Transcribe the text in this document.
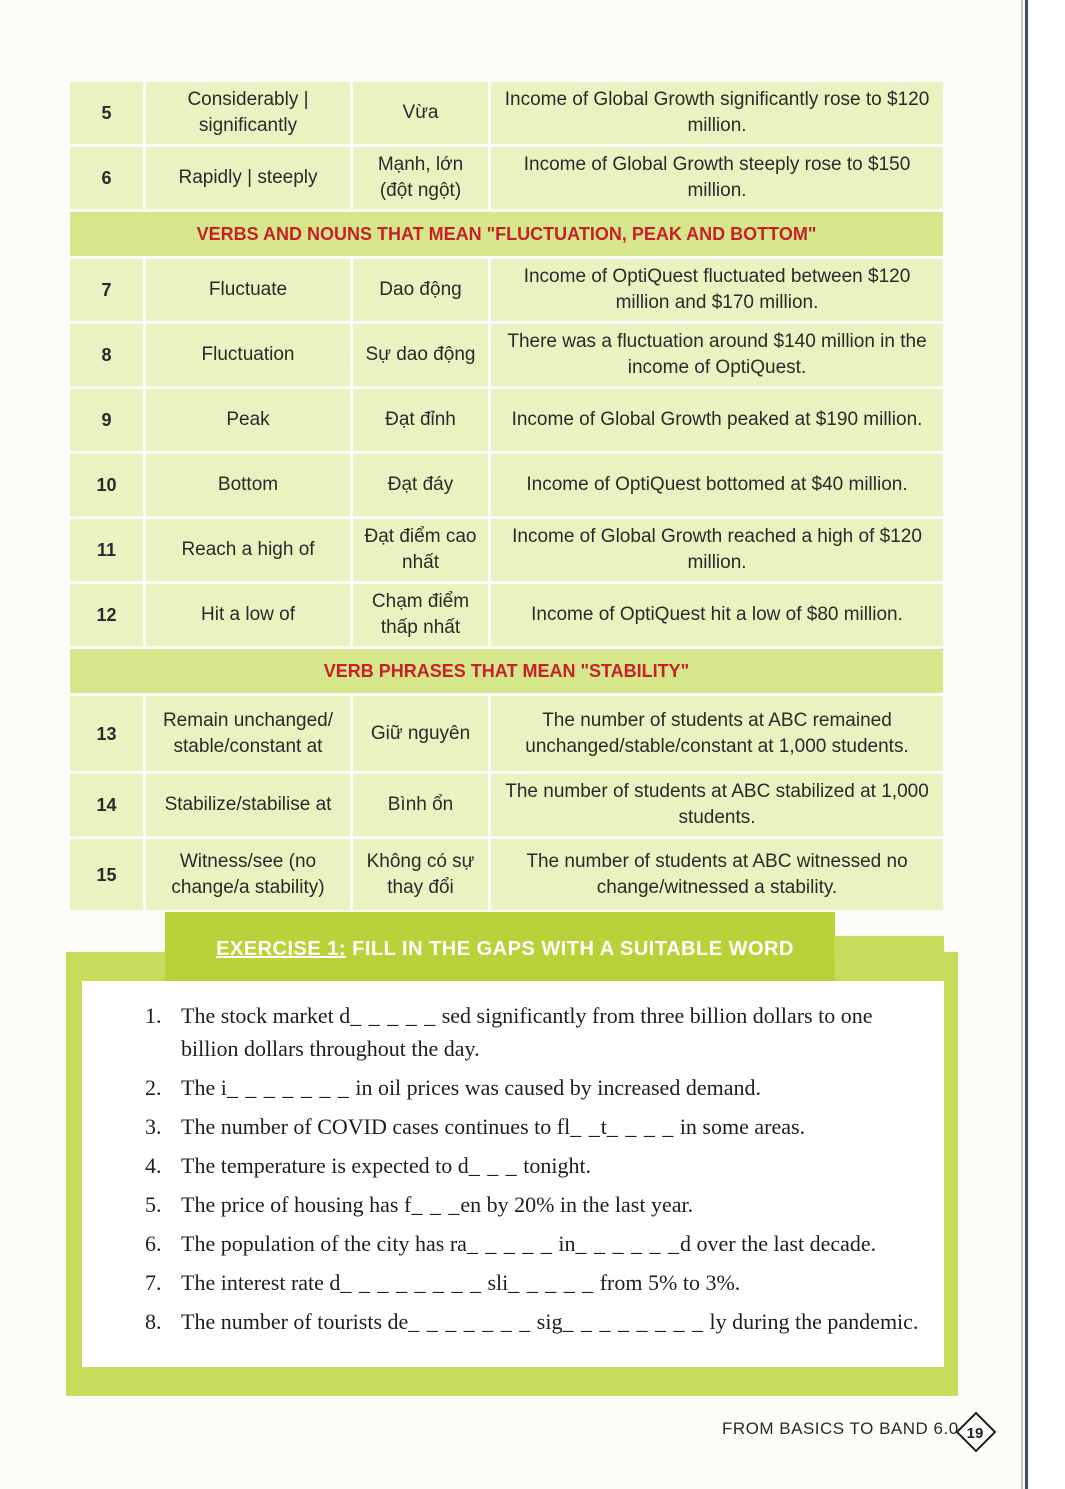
5	Considerably | significantly	Vừa	Income of Global Growth significantly rose to $120 million.
6	Rapidly | steeply	Mạnh, lớn (đột ngột)	Income of Global Growth steeply rose to $150 million.
VERBS AND NOUNS THAT MEAN "FLUCTUATION, PEAK AND BOTTOM"			
7	Fluctuate	Dao động	Income of OptiQuest fluctuated between $120 million and $170 million.
8	Fluctuation	Sự dao động	There was a fluctuation around $140 million in the income of OptiQuest.
9	Peak	Đạt đỉnh	Income of Global Growth peaked at $190 million.
10	Bottom	Đạt đáy	Income of OptiQuest bottomed at $40 million.
11	Reach a high of	Đạt điểm cao nhất	Income of Global Growth reached a high of $120 million.
12	Hit a low of	Chạm điểm thấp nhất	Income of OptiQuest hit a low of $80 million.
VERB PHRASES THAT MEAN "STABILITY"			
13	Remain unchanged/ stable/constant at	Giữ nguyên	The number of students at ABC remained unchanged/stable/constant at 1,000 students.
14	Stabilize/stabilise at	Bình ổn	The number of students at ABC stabilized at 1,000 students.
15	Witness/see (no change/a stability)	Không có sự thay đổi	The number of students at ABC witnessed no change/witnessed a stability.
EXERCISE 1: FILL IN THE GAPS WITH A SUITABLE WORD
1. The stock market d_ _ _ _ _ sed significantly from three billion dollars to one billion dollars throughout the day.
2. The i_ _ _ _ _ _ _ in oil prices was caused by increased demand.
3. The number of COVID cases continues to fl_ _t_ _ _ _ in some areas.
4. The temperature is expected to d_ _ _ tonight.
5. The price of housing has f_ _ _en by 20% in the last year.
6. The population of the city has ra_ _ _ _ _ in_ _ _ _ _ _d over the last decade.
7. The interest rate d_ _ _ _ _ _ _ _ sli_ _ _ _ _ from 5% to 3%.
8. The number of tourists de_ _ _ _ _ _ _ sig_ _ _ _ _ _ _ _ ly during the pandemic.
FROM BASICS TO BAND 6.0 19
